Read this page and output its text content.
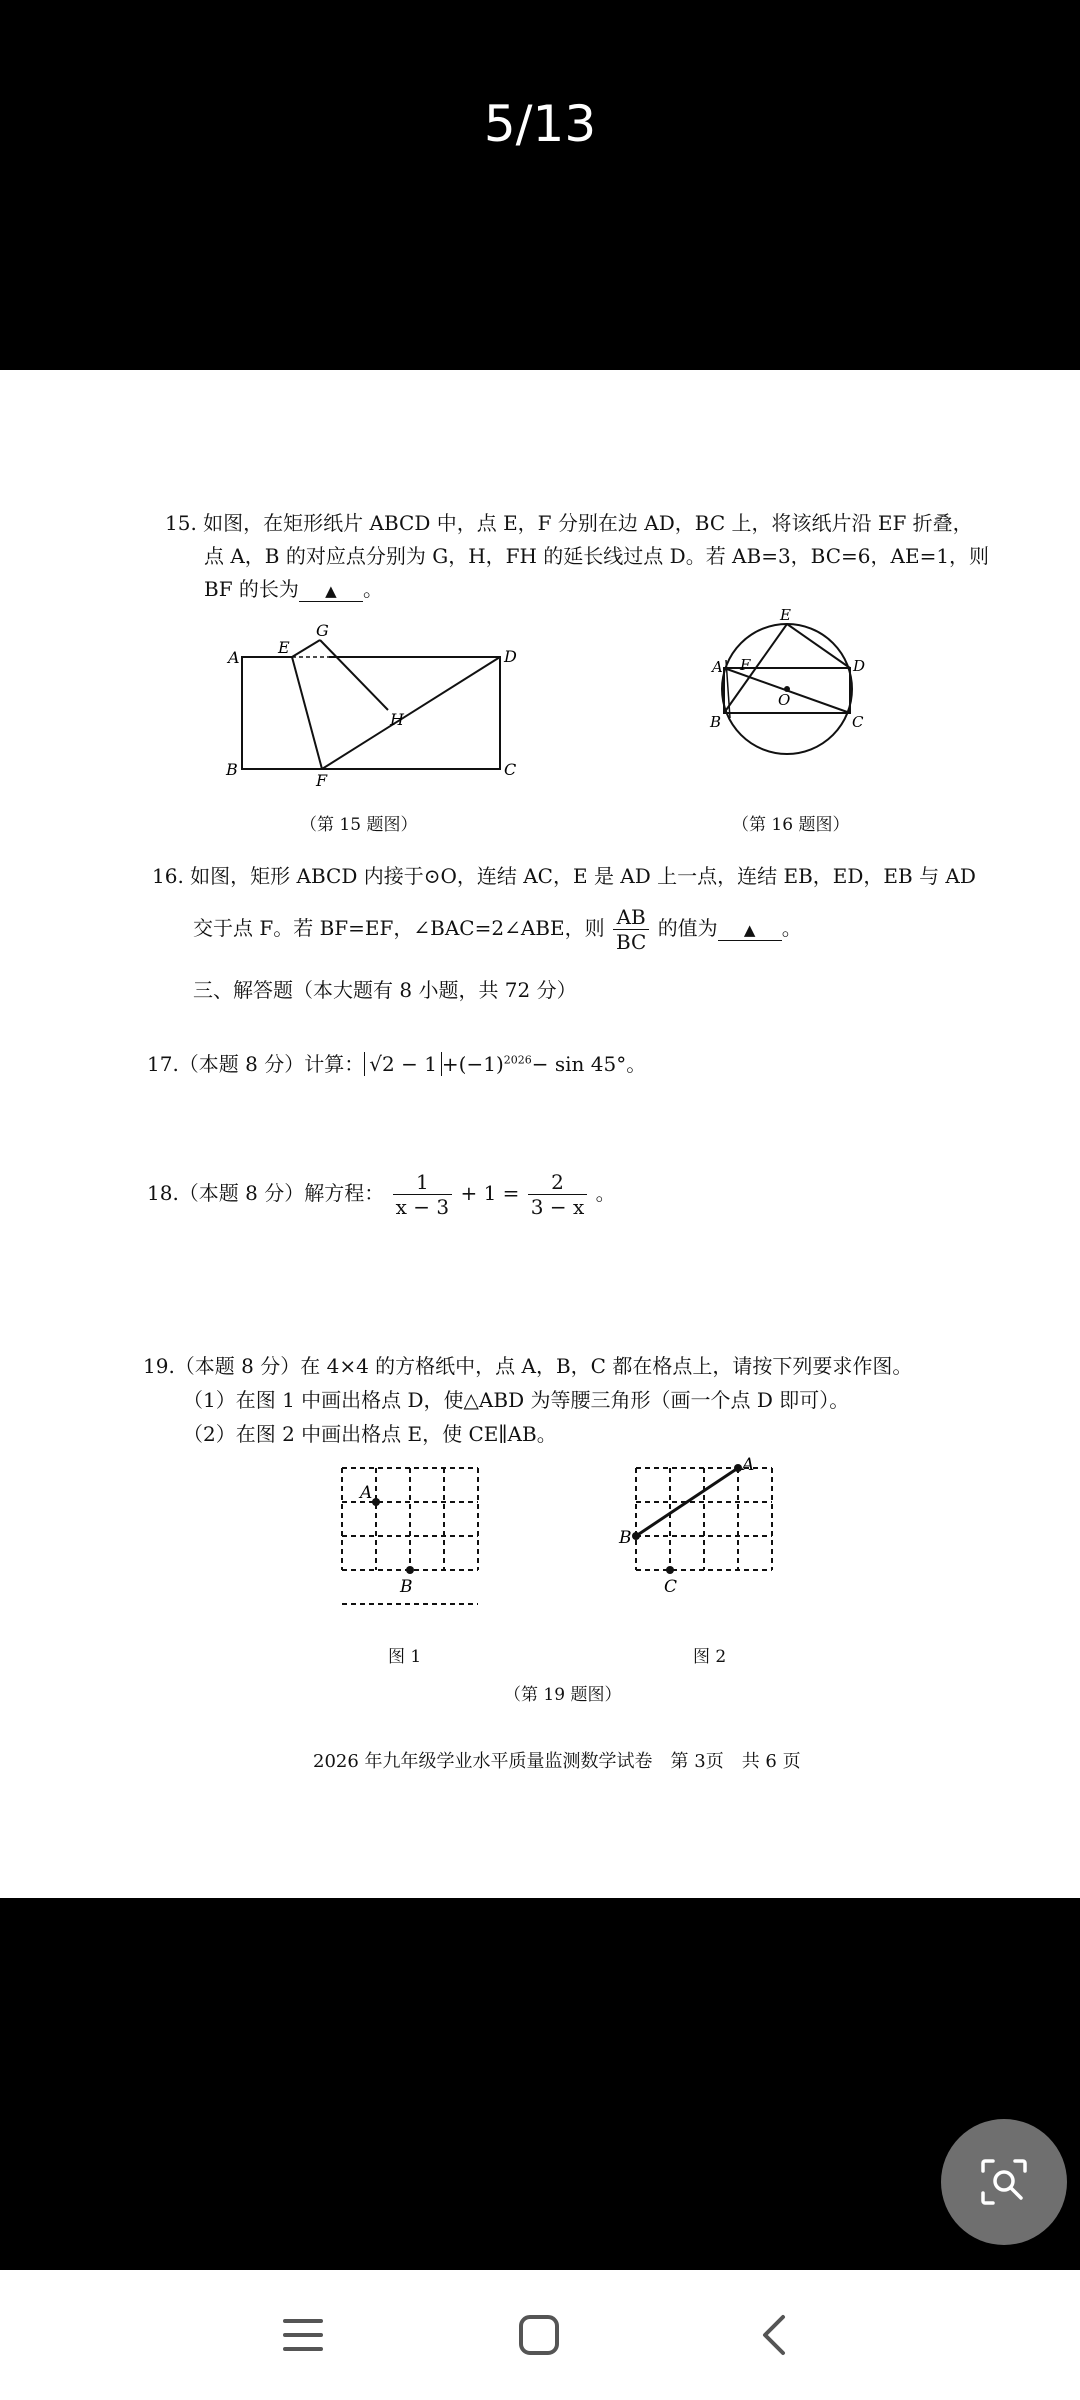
5/13
15. 如图，在矩形纸片 ABCD 中，点 E，F 分别在边 AD，BC 上，将该纸片沿 EF 折叠，
点 A，B 的对应点分别为 G，H，FH 的延长线过点 D。若 AB=3，BC=6，AE=1，则
BF 的长为 ▲ 。
A
B	C
D
E
F
G
H
（第 15 题图）
A
B	C
D
E
F
O
（第 16 题图）
16. 如图，矩形 ABCD 内接于⊙O，连结 AC，E 是 AD 上一点，连结 EB，ED，EB 与 AD
交于点 F。若 BF=EF，∠BAC=2∠ABE，则 $\frac{AB}{BC}$ 的值为 ▲ 。
三、解答题（本大题有 8 小题，共 72 分）
17.（本题 8 分）计算： $√2 - 1 +(-1)^{2026}- \sin 45^\circ$。
18.（本题 8 分）解方程： $\frac{1}{x - 3} + 1 = \frac{2}{3 - x}$ 。
19.（本题 8 分）在 4×4 的方格纸中，点 A，B，C 都在格点上，请按下列要求作图。
（1）在图 1 中画出格点 D，使△ABD 为等腰三角形（画一个点 D 即可）。
（2）在图 2 中画出格点 E，使 CE∥AB。
A
B
图 1
A
B
C
图 2
（第 19 题图）
2026 年九年级学业水平质量监测数学试卷　第 3页　共 6 页
